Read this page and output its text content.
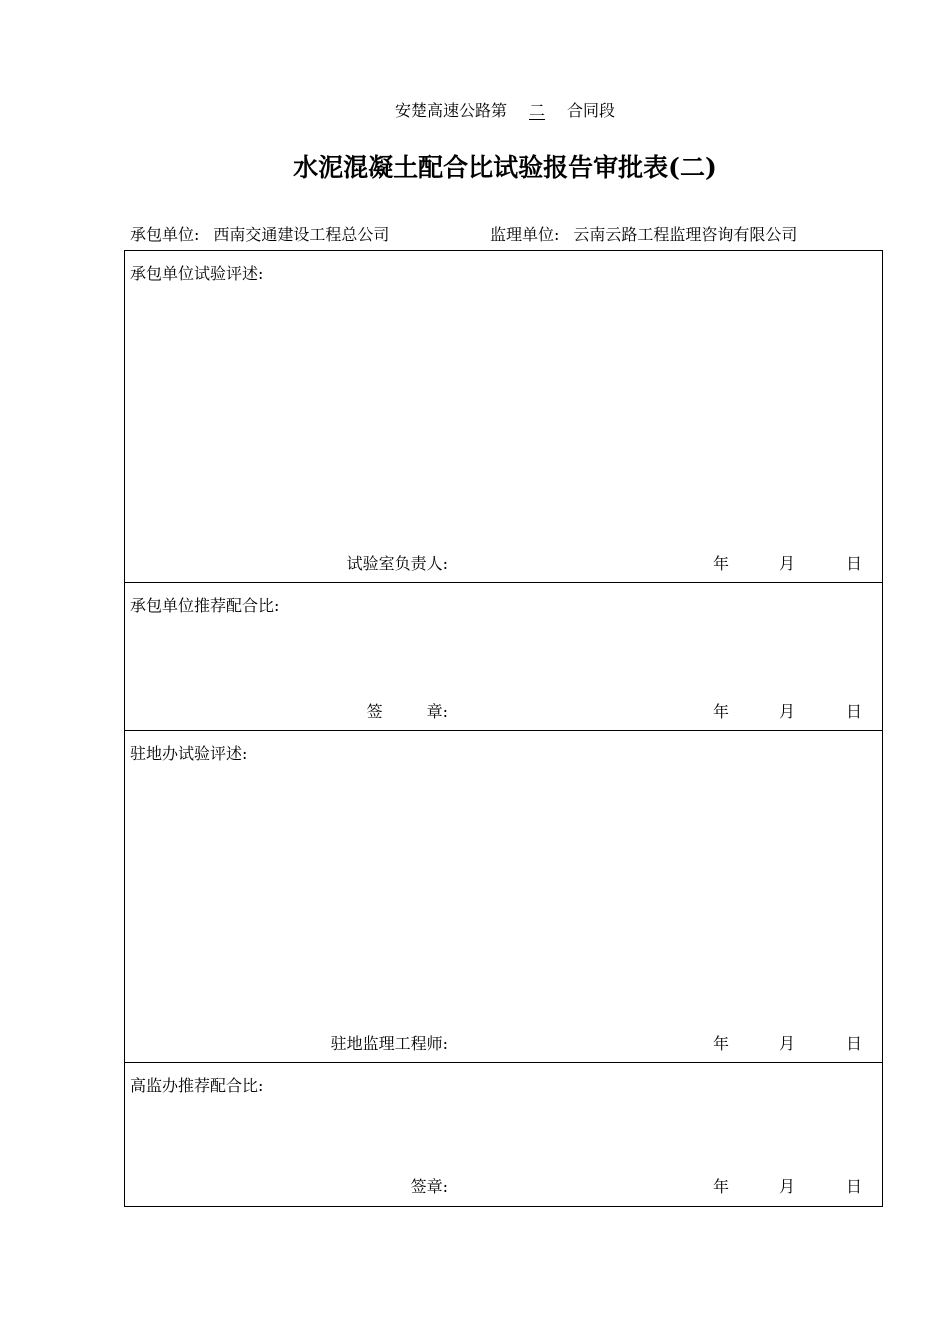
安楚高速公路第 二 合同段
水泥混凝土配合比试验报告审批表(二)
承包单位: 西南交通建设工程总公司	监理单位: 云南云路工程监理咨询有限公司
承包单位试验评述:
试验室负责人:	年	月	日
承包单位推荐配合比:
签	章:	年	月	日
驻地办试验评述:
驻地监理工程师:	年	月	日
高监办推荐配合比:
签章:	年	月	日
